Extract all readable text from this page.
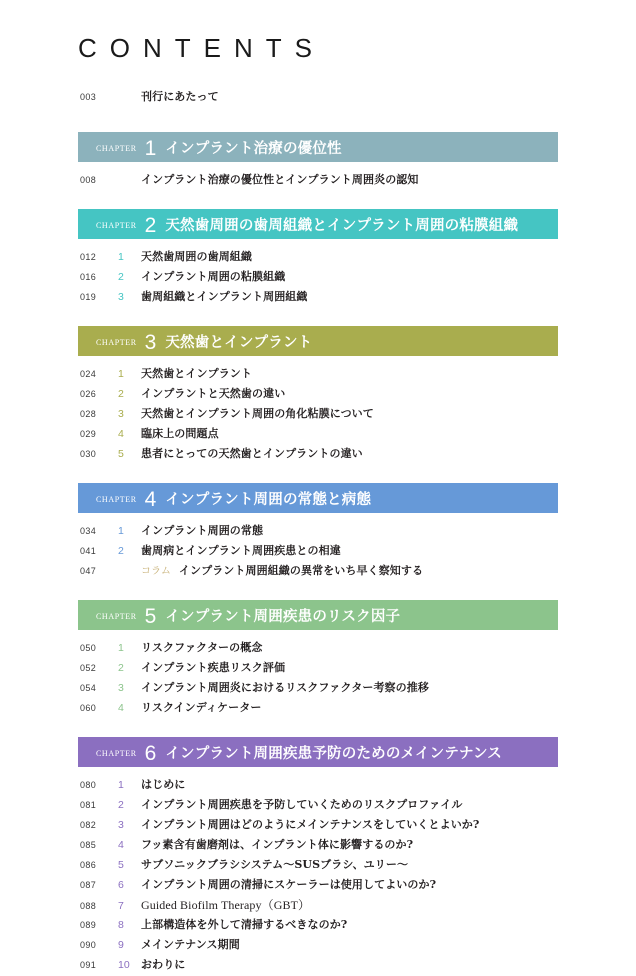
CONTENTS
003	刊行にあたって
chapter 1 インプラント治療の優位性
008	インプラント治療の優位性とインプラント周囲炎の認知
chapter 2 天然歯周囲の歯周組織とインプラント周囲の粘膜組織
012	1	天然歯周囲の歯周組織
016	2	インプラント周囲の粘膜組織
019	3	歯周組織とインプラント周囲組織
chapter 3 天然歯とインプラント
024	1	天然歯とインプラント
026	2	インプラントと天然歯の違い
028	3	天然歯とインプラント周囲の角化粘膜について
029	4	臨床上の問題点
030	5	患者にとっての天然歯とインプラントの違い
chapter 4 インプラント周囲の常態と病態
034	1	インプラント周囲の常態
041	2	歯周病とインプラント周囲疾患との相違
047	コラム インプラント周囲組織の異常をいち早く察知する
chapter 5 インプラント周囲疾患のリスク因子
050	1	リスクファクターの概念
052	2	インプラント疾患リスク評価
054	3	インプラント周囲炎におけるリスクファクター考察の推移
060	4	リスクインディケーター
chapter 6 インプラント周囲疾患予防のためのメインテナンス
080	1	はじめに
081	2	インプラント周囲疾患を予防していくためのリスクプロファイル
082	3	インプラント周囲はどのようにメインテナンスをしていくとよいか?
085	4	フッ素含有歯磨剤は、インプラント体に影響するのか?
086	5	サブソニックブラシシステム〜SUSブラシ、ユリー〜
087	6	インプラント周囲の清掃にスケーラーは使用してよいのか?
088	7	Guided Biofilm Therapy（GBT）
089	8	上部構造体を外して清掃するべきなのか?
090	9	メインテナンス期間
091	10	おわりに
